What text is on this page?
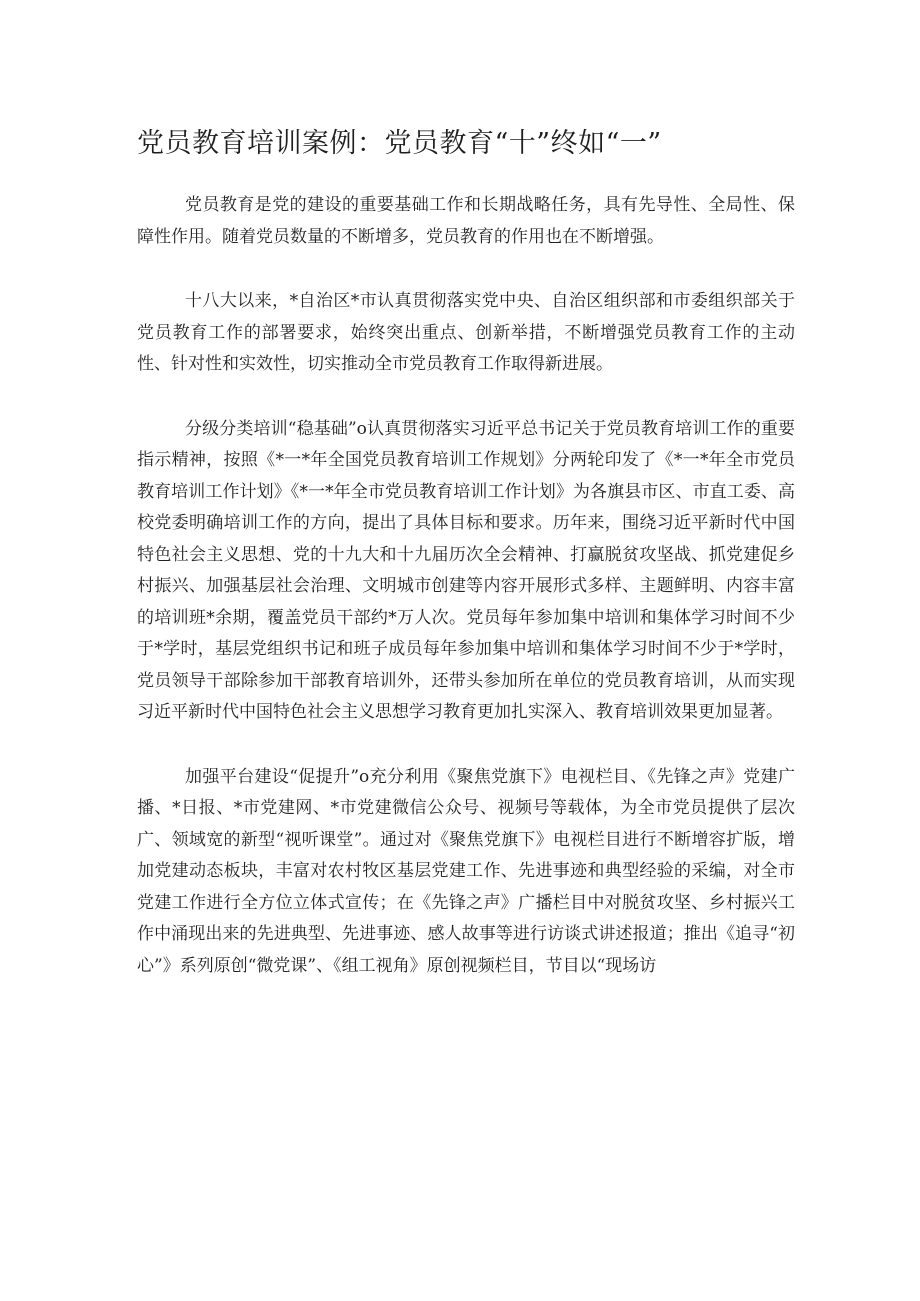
党员教育培训案例：党员教育“十”终如“一”

党员教育是党的建设的重要基础工作和长期战略任务，具有先导性、全局性、保障性作用。随着党员数量的不断增多，党员教育的作用也在不断增强。

十八大以来，*自治区*市认真贯彻落实党中央、自治区组织部和市委组织部关于党员教育工作的部署要求，始终突出重点、创新举措，不断增强党员教育工作的主动性、针对性和实效性，切实推动全市党员教育工作取得新进展。

分级分类培训“稳基础”o认真贯彻落实习近平总书记关于党员教育培训工作的重要指示精神，按照《*一*年全国党员教育培训工作规划》分两轮印发了《*一*年全市党员教育培训工作计划》《*一*年全市党员教育培训工作计划》为各旗县市区、市直工委、高校党委明确培训工作的方向，提出了具体目标和要求。历年来，围绕习近平新时代中国特色社会主义思想、党的十九大和十九届历次全会精神、打赢脱贫攻坚战、抓党建促乡村振兴、加强基层社会治理、文明城市创建等内容开展形式多样、主题鲜明、内容丰富的培训班*余期，覆盖党员干部约*万人次。党员每年参加集中培训和集体学习时间不少于*学时，基层党组织书记和班子成员每年参加集中培训和集体学习时间不少于*学时，党员领导干部除参加干部教育培训外，还带头参加所在单位的党员教育培训，从而实现习近平新时代中国特色社会主义思想学习教育更加扎实深入、教育培训效果更加显著。

加强平台建设“促提升”o充分利用《聚焦党旗下》电视栏目、《先锋之声》党建广播、*日报、*市党建网、*市党建微信公众号、视频号等载体，为全市党员提供了层次广、领域宽的新型“视听课堂”。通过对《聚焦党旗下》电视栏目进行不断增容扩版，增加党建动态板块，丰富对农村牧区基层党建工作、先进事迹和典型经验的采编，对全市党建工作进行全方位立体式宣传；在《先锋之声》广播栏目中对脱贫攻坚、乡村振兴工作中涌现出来的先进典型、先进事迹、感人故事等进行访谈式讲述报道；推出《追寻“初心”》系列原创“微党课”、《组工视角》原创视频栏目，节目以“现场访
